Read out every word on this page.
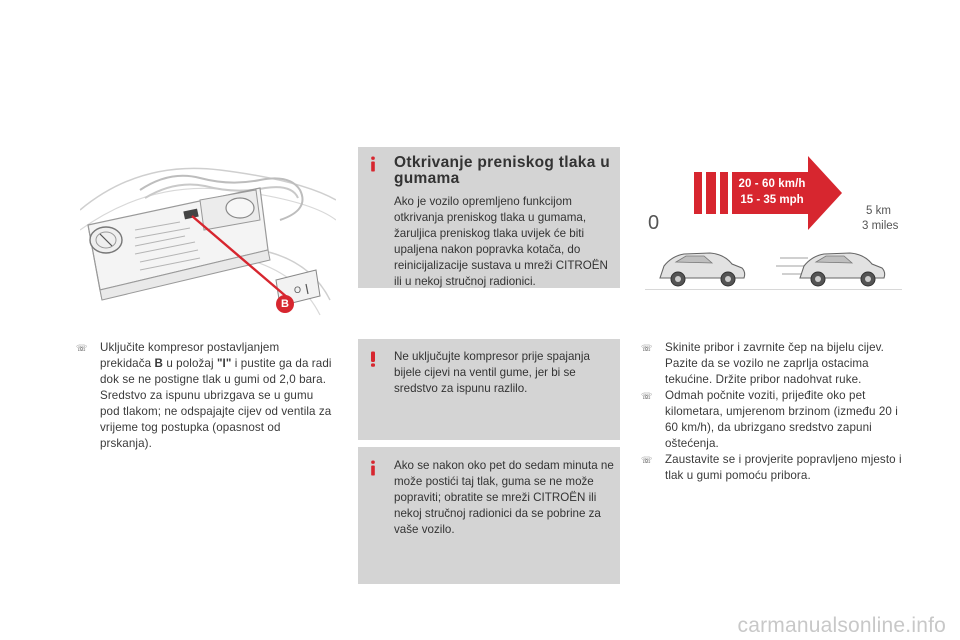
O
B
Otkrivanje preniskog tlaka u gumama
Ako je vozilo opremljeno funkcijom otkrivanja preniskog tlaka u gumama, žaruljica preniskog tlaka uvijek će biti upaljena nakon popravka kotača, do reinicijalizacije sustava u mreži CITROËN ili u nekoj stručnoj radionici.
0
20 - 60 km/h
15 - 35 mph
5 km
3 miles
☏ Uključite kompresor postavljanjem prekidača B u položaj "I" i pustite ga da radi dok se ne postigne tlak u gumi od 2,0 bara.
Sredstvo za ispunu ubrizgava se u gumu pod tlakom; ne odspajajte cijev od ventila za vrijeme tog postupka (opasnost od prskanja).
Ne uključujte kompresor prije spajanja bijele cijevi na ventil gume, jer bi se sredstvo za ispunu razlilo.
Ako se nakon oko pet do sedam minuta ne može postići taj tlak, guma se ne može popraviti; obratite se mreži CITROËN ili nekoj stručnoj radionici da se pobrine za vaše vozilo.
☏ Skinite pribor i zavrnite čep na bijelu cijev. Pazite da se vozilo ne zaprlja ostacima tekućine. Držite pribor nadohvat ruke.
☏ Odmah počnite voziti, prijeđite oko pet kilometara, umjerenom brzinom (između 20 i 60 km/h), da ubrizgano sredstvo zapuni oštećenja.
☏ Zaustavite se i provjerite popravljeno mjesto i tlak u gumi pomoću pribora.
carmanualsonline.info
